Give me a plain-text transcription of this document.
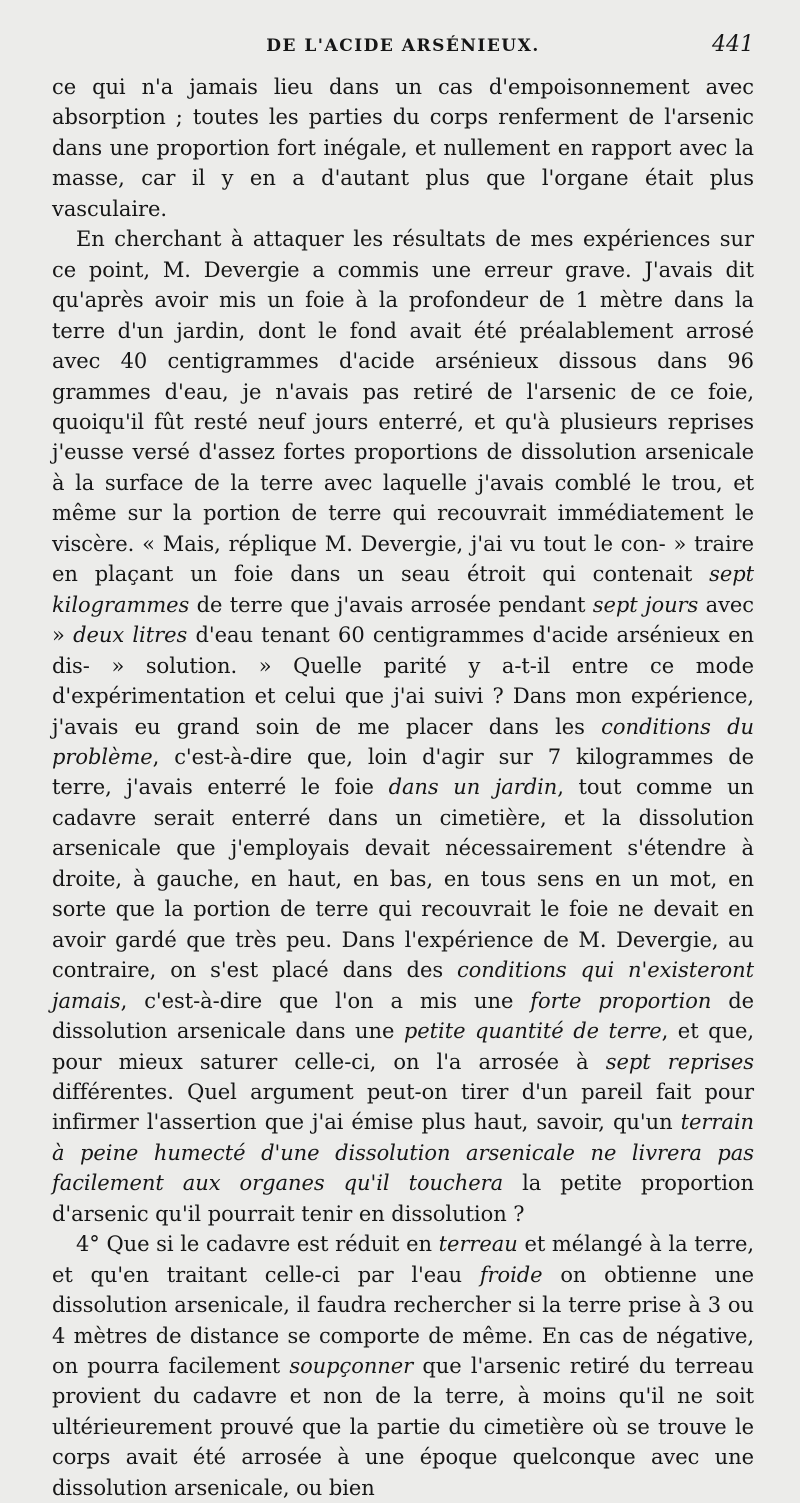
DE L'ACIDE ARSÉNIEUX.	441

ce qui n'a jamais lieu dans un cas d'empoisonnement avec absorption ; toutes les parties du corps renferment de l'arsenic dans une proportion fort inégale, et nullement en rapport avec la masse, car il y en a d'autant plus que l'organe était plus vasculaire.

En cherchant à attaquer les résultats de mes expériences sur ce point, M. Devergie a commis une erreur grave. J'avais dit qu'après avoir mis un foie à la profondeur de 1 mètre dans la terre d'un jardin, dont le fond avait été préalablement arrosé avec 40 centigrammes d'acide arsénieux dissous dans 96 grammes d'eau, je n'avais pas retiré de l'arsenic de ce foie, quoiqu'il fût resté neuf jours enterré, et qu'à plusieurs reprises j'eusse versé d'assez fortes proportions de dissolution arsenicale à la surface de la terre avec laquelle j'avais comblé le trou, et même sur la portion de terre qui recouvrait immédiatement le viscère. « Mais, réplique M. Devergie, j'ai vu tout le con- » traire en plaçant un foie dans un seau étroit qui contenait sept kilogrammes de terre que j'avais arrosée pendant sept jours avec » deux litres d'eau tenant 60 centigrammes d'acide arsénieux en dis- » solution. » Quelle parité y a-t-il entre ce mode d'expérimentation et celui que j'ai suivi ? Dans mon expérience, j'avais eu grand soin de me placer dans les conditions du problème, c'est-à-dire que, loin d'agir sur 7 kilogrammes de terre, j'avais enterré le foie dans un jardin, tout comme un cadavre serait enterré dans un cimetière, et la dissolution arsenicale que j'employais devait nécessairement s'étendre à droite, à gauche, en haut, en bas, en tous sens en un mot, en sorte que la portion de terre qui recouvrait le foie ne devait en avoir gardé que très peu. Dans l'expérience de M. Devergie, au contraire, on s'est placé dans des conditions qui n'existeront jamais, c'est-à-dire que l'on a mis une forte proportion de dissolution arsenicale dans une petite quantité de terre, et que, pour mieux saturer celle-ci, on l'a arrosée à sept reprises différentes. Quel argument peut-on tirer d'un pareil fait pour infirmer l'assertion que j'ai émise plus haut, savoir, qu'un terrain à peine humecté d'une dissolution arsenicale ne livrera pas facilement aux organes qu'il touchera la petite proportion d'arsenic qu'il pourrait tenir en dissolution ?

4° Que si le cadavre est réduit en terreau et mélangé à la terre, et qu'en traitant celle-ci par l'eau froide on obtienne une dissolution arsenicale, il faudra rechercher si la terre prise à 3 ou 4 mètres de distance se comporte de même. En cas de négative, on pourra facilement soupçonner que l'arsenic retiré du terreau provient du cadavre et non de la terre, à moins qu'il ne soit ultérieurement prouvé que la partie du cimetière où se trouve le corps avait été arrosée à une époque quelconque avec une dissolution arsenicale, ou bien
